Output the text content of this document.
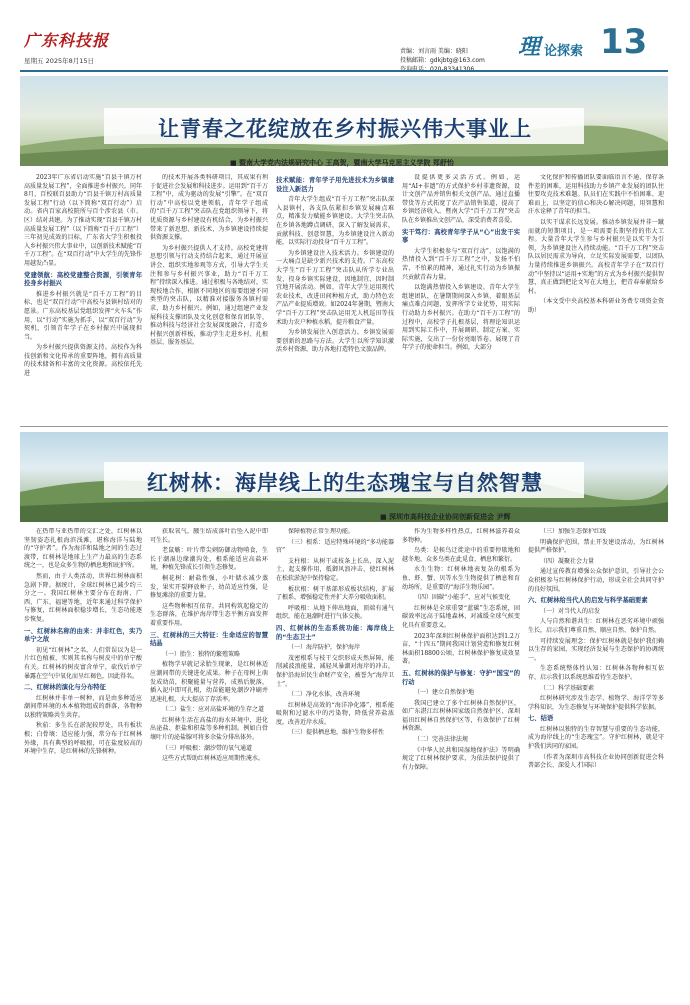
广东科技报
星期五 2025年8月15日
责编：刘言雨 美编：晓阳
投稿邮箱：gdkjbtg@163.com
理 论探索 13
让青春之花绽放在乡村振兴伟大事业上
■ 暨南大学党内法规研究中心 王高贺，暨南大学马克思主义学院 郑舒怡

2023年广东省启动实施“百县千镇万村高质量发展工程”，全面推进乡村振兴。同年8月，百校联百县助力“百县千镇万村高质量发展工程”行动（以下简称“双百行动”）启动。省内百家高校院所与百个涉农县（市、区）结对共建。为了推动实现“百县千镇万村高质量发展工程”（以下简称“百千万工程”）三年初见成效的目标，广东省大学生积极投入乡村振兴伟大事业中，以创新技术赋能“百千万工程”。在“双百行动”中大学生的先锋作用越发凸显。

党建领航：高校党建整合资源，引领青年投身乡村振兴

推进乡村振兴就是“百千万工程”的目标，也是“双百行动”中高校与县镇村结对的愿景。广东高校基层党组织发挥“火车头”作用，以“行动”实施为抓手，以“双百行动”为契机，引领青年学子在乡村振兴中展现担当。

为乡村振兴提供资源支持。高校作为科技创新和文化传承的重要阵地，拥有高质量的技术储备和丰富的文化资源。高校依托先进

的技术开展各类科研项目，其成果有利于促进社会发展和科技进步。运用到“百千万工程”中，成为驱动的发展“引擎”。在“双百行动”中高校以党建领航，青年学子组成的“百千万工程”突击队在党组织领导下，将优质资源与乡村建设有机结合，为乡村振兴带来了新思想、新技术，为乡镇建设持续提供资源支撑。

为乡村振兴提供人才支持。高校党建将思想引领与行动支持结合起来，通过开展宣讲会、组织实地参观等方式，引导大学生关注和参与乡村振兴事业，助力“百千万工程”持续深入推进。通过积极与各地结对，实现校地合作，根据不同地区的需要组建不同类型的突击队，以精准对接服务各镇村需求，助力乡村振兴。例如，通过组建产业发展科技支撑团队及文化创意和保育团队等，推动科技与经济社会发展深度融合，打造乡村振兴创新样板，推动学生走进乡村、扎根基层、服务基层。

技术赋能：青年学子用先进技术为乡镇建设注入新活力

青年大学生组成“百千万工程”突击队深入县镇村，各支队伍紧扣乡镇发展痛点难点，精准发力赋能乡镇建设。大学生突击队在乡镇各地蹲点调研，深入了解发展需求，贡献科技、创意智慧，为乡镇建设注入新动能，以实际行动投身“百千万工程”。

为乡镇建设注入技术活力。乡镇建设的一大痛点是缺少新兴技术的支持。广东高校大学生“百千万工程”突击队从所学专业出发，投身乡镇实际建设，因地制宜、因时制宜地开展活动。例如，青年大学生运用现代农业技术，改进田间种植方式，助力特色农产品产业提质增效。如2024年暑期，暨南大学“百千万工程”突击队运用无人机巡田等技术助力农户种植水稻，提升粮食产量。

为乡镇发展注入创意活力。乡镇发展需要创新的思路与方法。大学生以所学知识激活乡村资源，助力各地打造特色文旅品牌。

设提供更多灵活方式。例如，运用“AI+非遗”的方式保护乡村非遗资源，设计文创产品并销售相关文创产品，通过直播带货等方式拓宽了农产品销售渠道，提高了乡镇经济收入。暨南大学“百千万工程”突击队在乡镇推出文创产品，深受消费者喜爱。

实干笃行：高校青年学子从“心”出发干实事

大学生积极参与“双百行动”，以饱满的热情投入到“百千万工程”之中，发扬不怕苦、不怕累的精神，通过扎实行动为乡镇振兴贡献青春力量。

以饱满热情投入乡镇建设。青年大学生组建团队，在暑期期间深入乡镇，着眼基层痛点难点问题，发挥所学专业优势，用实际行动助力乡村振兴。在助力“百千万工程”的过程中，高校学子扎根基层，将理论知识运用到实际工作中，开展调研、制定方案、实际实施，交出了一份份亮眼答卷，展现了青年学子的使命担当。例如，大部分

文化保护和传播团队要面临语言不通、保存条件差的困难，运用科技助力乡镇产业发展的团队往往要攻克技术难题。队员们在实践中不怕困难、迎难而上，以坚定的信心和决心解决问题，用智慧和汗水诠释了青年的担当。

以实干谋求长远发展。推动乡镇发展并非一蹴而就的短期项目，是一项需要长期坚持的伟大工程。大量青年大学生参与乡村振兴是以实干为引领，为乡镇建设注入持续动能。“百千万工程”突击队以居民需求为导向，立足实际发展需要，以团队力量持续推进乡镇振兴。高校青年学子在“双百行动”中坚持以“运用+实地”的方式为乡村振兴提供智慧，真正做到把论文写在大地上，把青春奉献给乡村。

（本文受中央高校基本科研业务费专项资金资助）

红树林：海岸线上的生态瑰宝与自然智慧
■ 深圳市高科技企业协同创新促进会 尹辉

在热带与亚热带的交汇之处，红树林以坚韧姿态扎根海滨浅滩，堪称海洋与陆地的“守护者”。作为海洋和陆地之间的生态过渡带，红树林是地球上生产力最高的生态系统之一，也是众多生物的栖息地和庇护所。

然而，由于人类活动，世界红树林面积急剧下降。据统计，全球红树林已减少约三分之一。我国红树林主要分布在海南、广西、广东、福建等地，近年来通过科学保护与修复，红树林面积稳步增长，生态功能逐步恢复。

一、红树林名称的由来：并非红色，实乃单宁之故

初见“红树林”之名，人们常误以为是一片红色植被，实则其名称与树皮中的单宁酸有关。红树林的树皮富含单宁，砍伐后单宁暴露在空气中氧化而呈红褐色，因此得名。

二、红树林的演化与分布特征

红树林并非单一树种，而是由多种适应潮间带环境的木本植物组成的群落，各物种以独特策略共生共存。

秋茄：多生长在淤泥较厚处，具有板状根；白骨壤：适应能力强，常分布于红树林外缘，具有典型的呼吸根，可在盐度较高的环境中生存，是红树林的先锋树种。

获取氧气，腋生结成落叶后坠入泥中即可生长。

老鼠簕：叶片带尖刺防御动物啃食，生长于潮湿边缘潮沟处，根系能适应高盐环境，种植先锋成长引领生态修复。

桐花树：耐盐性强，小叶储水减少蒸发，果实开裂释放种子，幼苗适应性强，是修复滩涂的重要力量。

这些物种相互依存，共同构筑起稳定的生态群落，在维护海岸带生态平衡方面发挥着重要作用。

三、红树林的三大特征：生命适应的智慧结晶

（一）胎生：独特的繁殖策略

植物学早就记录胎生现象，是红树林适应潮间带的关键进化成果。种子在母树上萌发成幼苗，积聚能量与营养，成熟后脱落，插入泥中即可扎根，幼苗能避免潮汐冲刷并迅速扎根，大大提高了存活率。

（二）盐生：应对高盐环境的生存之道

红树林生活在高盐的海水环境中，进化出泌盐、拒盐和积盐等多种机制。例如白骨壤叶片的泌盐腺可将多余盐分排出体外。

（三）呼吸根：潮汐带的氧气通道

这些方式帮助红树林适应周期性淹水。

保障植物正常生理功能。

（三）根系：适应特殊环境的“多功能器官”

支柱根：从树干或枝条上长出，深入泥土，起支撑作用，抵御风浪冲击，使红树林在松软淤泥中保持稳定。

板状根：树干基部形成板状结构，扩展了根系，增强稳定性并扩大养分吸收面积。

呼吸根：从地下伸出地面，顶端有通气组织，能在退潮时进行气体交换。

四、红树林的生态系统功能：海岸线上的“生态卫士”

（一）海岸防护，保护海岸

茂密根系与枝干交织形成天然屏障，能削减波浪能量，减轻风暴潮对海岸的冲击，保护沿海居民生命财产安全，被誉为“海岸卫士”。

（二）净化水体，改善环境

红树林是高效的“海洋净化器”，根系能吸附和过滤水中的污染物，降低营养盐浓度，改善近岸水质。

（三）提供栖息地，维护生物多样性

作为生物多样性热点，红树林滋养着众多物种。

鸟类：是候鸟迁徙途中的重要停歇地和越冬地，众多鸟类在此觅食、栖息和繁衍。

水生生物：红树林地表复杂的根系为鱼、虾、蟹、贝等水生生物提供了栖息和育幼场所，是重要的“海洋生物乐园”。

（四）固碳“小能手”，应对气候变化

红树林是全球重要“蓝碳”生态系统，固碳效率远高于陆地森林，对减缓全球气候变化具有重要意义。

2023年深圳红树林保护面积达到1.2万亩，“十四五”期间我国计划营造和修复红树林面积18800公顷，红树林保护修复成效显著。

五、红树林的保护与修复：守护“国宝”的行动

（一）建立自然保护地

我国已建立了多个红树林自然保护区，如广东湛江红树林国家级自然保护区、深圳福田红树林自然保护区等，有效保护了红树林资源。

（二）完善法律法规

《中华人民共和国湿地保护法》等明确规定了红树林保护要求，为依法保护提供了有力保障。

（三）加强生态保护红线

明确保护范围，禁止开发建设活动，为红树林提供严格保护。

（四）凝聚社会力量

通过宣传教育增强公众保护意识，引导社会公众积极参与红树林保护行动，形成全社会共同守护的良好氛围。

六、红树林给当代人的启发与科学基础要素

（一）对当代人的启发

人与自然和谐共生：红树林在恶劣环境中顽强生长，启示我们尊重自然、顺应自然、保护自然。

可持续发展理念：保护红树林就是保护我们赖以生存的家园，实现经济发展与生态保护的协调统一。

生态系统整体性认知：红树林各物种相互依存，启示我们以系统思维看待生态保护。

（二）科学基础要素

红树林研究涉及生态学、植物学、海洋学等多学科知识，为生态修复与环境保护提供科学依据。

七、结语

红树林以独特的生存智慧与重要的生态功能，成为海岸线上的“生态瑰宝”。守护红树林，就是守护我们共同的家园。

（作者为深圳市高科技企业协同创新促进会科普部会长、深爱人才国际）
